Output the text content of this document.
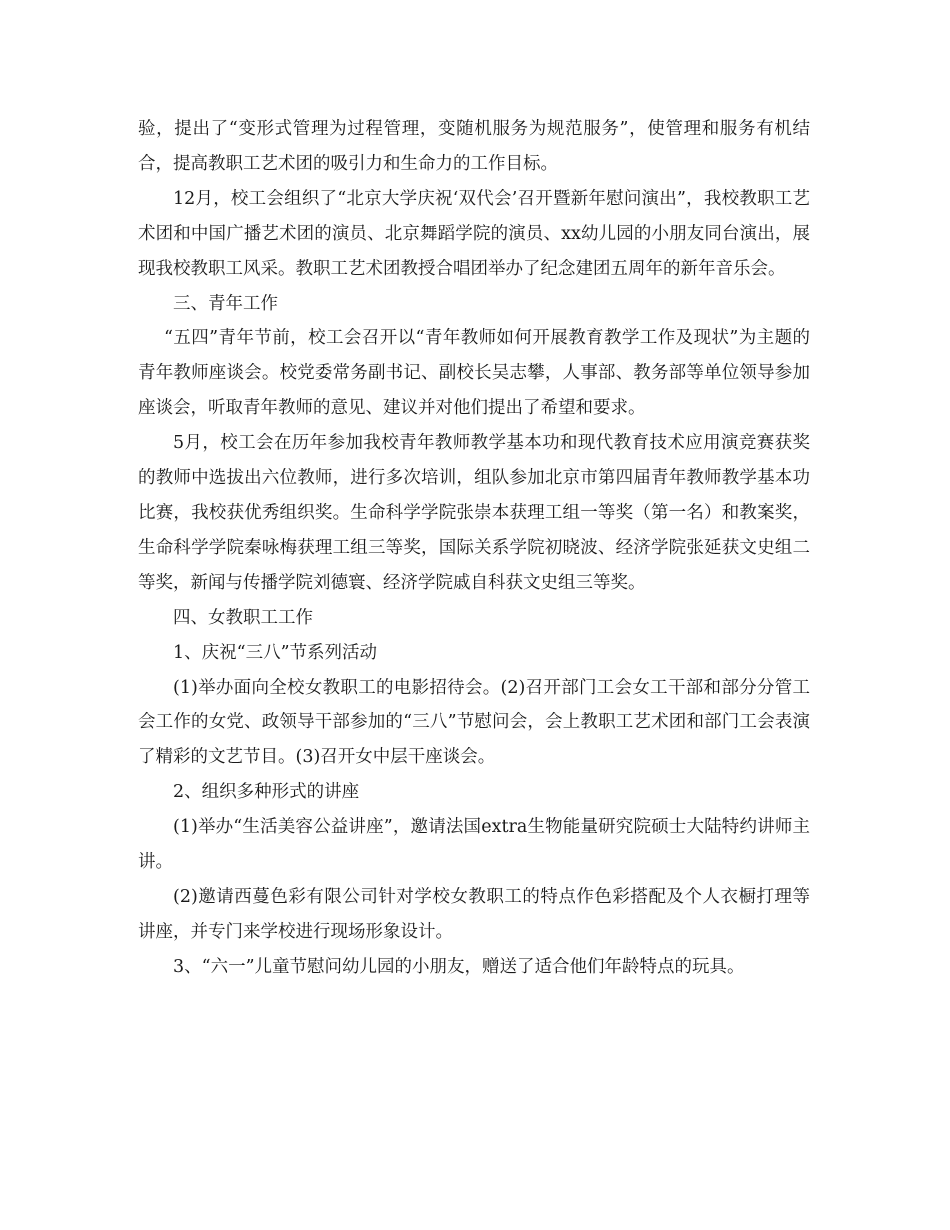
验，提出了“变形式管理为过程管理，变随机服务为规范服务”，使管理和服务有机结合，提高教职工艺术团的吸引力和生命力的工作目标。

12月，校工会组织了“北京大学庆祝‘双代会’召开暨新年慰问演出”，我校教职工艺术团和中国广播艺术团的演员、北京舞蹈学院的演员、xx幼儿园的小朋友同台演出，展现我校教职工风采。教职工艺术团教授合唱团举办了纪念建团五周年的新年音乐会。

三、青年工作

“五四”青年节前，校工会召开以“青年教师如何开展教育教学工作及现状”为主题的青年教师座谈会。校党委常务副书记、副校长吴志攀，人事部、教务部等单位领导参加座谈会，听取青年教师的意见、建议并对他们提出了希望和要求。

5月，校工会在历年参加我校青年教师教学基本功和现代教育技术应用演竞赛获奖的教师中选拔出六位教师，进行多次培训，组队参加北京市第四届青年教师教学基本功比赛，我校获优秀组织奖。生命科学学院张崇本获理工组一等奖（第一名）和教案奖，生命科学学院秦咏梅获理工组三等奖，国际关系学院初晓波、经济学院张延获文史组二等奖，新闻与传播学院刘德寰、经济学院戚自科获文史组三等奖。

四、女教职工工作

1、庆祝“三八”节系列活动

(1)举办面向全校女教职工的电影招待会。(2)召开部门工会女工干部和部分分管工会工作的女党、政领导干部参加的“三八”节慰问会，会上教职工艺术团和部门工会表演了精彩的文艺节目。(3)召开女中层干座谈会。

2、组织多种形式的讲座

(1)举办“生活美容公益讲座”，邀请法国extra生物能量研究院硕士大陆特约讲师主讲。

(2)邀请西蔓色彩有限公司针对学校女教职工的特点作色彩搭配及个人衣橱打理等讲座，并专门来学校进行现场形象设计。

3、“六一”儿童节慰问幼儿园的小朋友，赠送了适合他们年龄特点的玩具。
